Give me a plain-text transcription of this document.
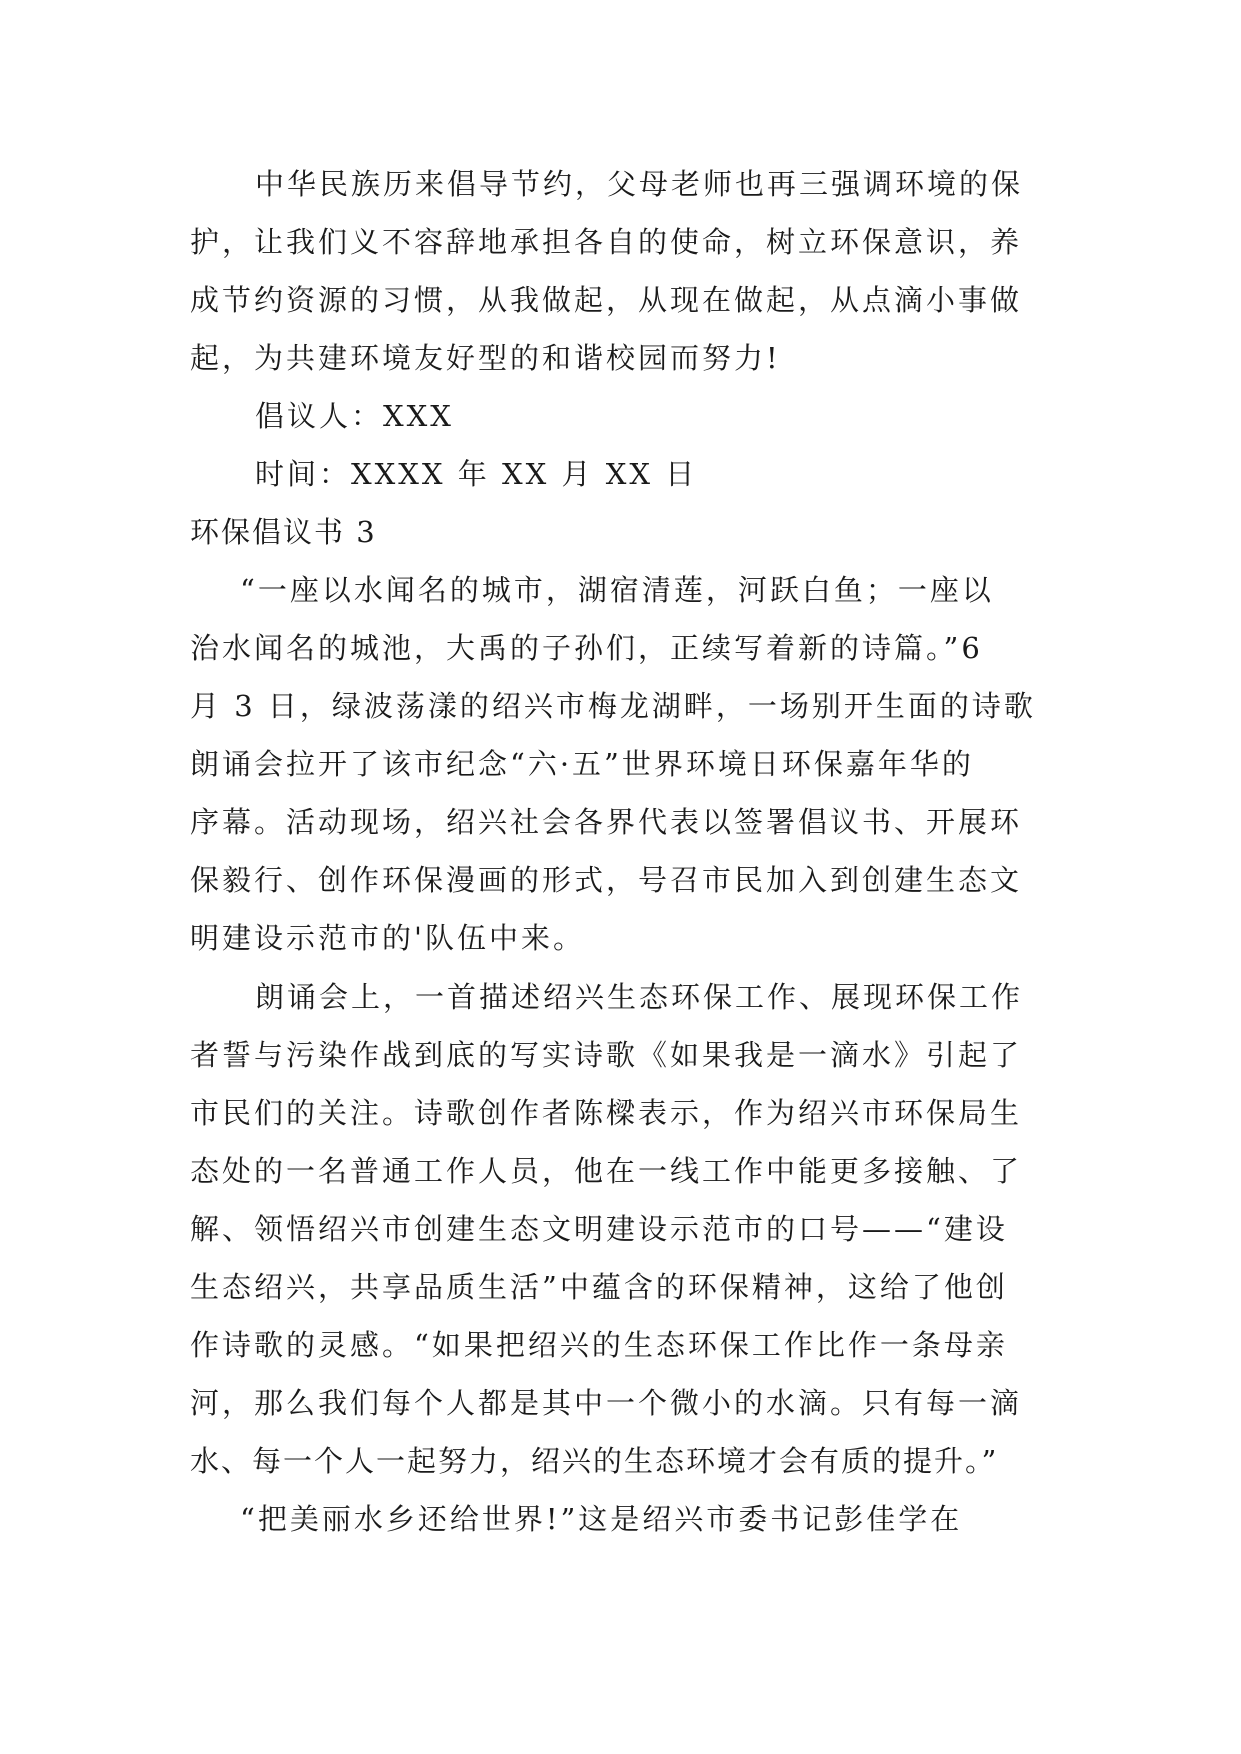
中华民族历来倡导节约，父母老师也再三强调环境的保
护，让我们义不容辞地承担各自的使命，树立环保意识，养
成节约资源的习惯，从我做起，从现在做起，从点滴小事做
起，为共建环境友好型的和谐校园而努力!
倡议人：XXX
时间：XXXX 年 XX 月 XX 日
环保倡议书 3
“一座以水闻名的城市，湖宿清莲，河跃白鱼；一座以
治水闻名的城池，大禹的子孙们，正续写着新的诗篇。”6
月 3 日，绿波荡漾的绍兴市梅龙湖畔，一场别开生面的诗歌
朗诵会拉开了该市纪念“六·五”世界环境日环保嘉年华的
序幕。活动现场，绍兴社会各界代表以签署倡议书、开展环
保毅行、创作环保漫画的形式，号召市民加入到创建生态文
明建设示范市的'队伍中来。
朗诵会上，一首描述绍兴生态环保工作、展现环保工作
者誓与污染作战到底的写实诗歌《如果我是一滴水》引起了
市民们的关注。诗歌创作者陈樑表示，作为绍兴市环保局生
态处的一名普通工作人员，他在一线工作中能更多接触、了
解、领悟绍兴市创建生态文明建设示范市的口号——“建设
生态绍兴，共享品质生活”中蕴含的环保精神，这给了他创
作诗歌的灵感。“如果把绍兴的生态环保工作比作一条母亲
河，那么我们每个人都是其中一个微小的水滴。只有每一滴
水、每一个人一起努力，绍兴的生态环境才会有质的提升。”
“把美丽水乡还给世界!”这是绍兴市委书记彭佳学在
